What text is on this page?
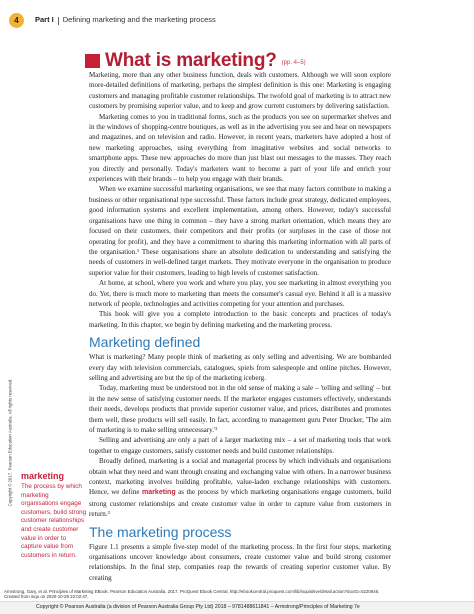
4	Part I Defining marketing and the marketing process
What is marketing? (pp. 4–5)

Marketing, more than any other business function, deals with customers. Although we will soon explore more-detailed definitions of marketing, perhaps the simplest definition is this one: Marketing is engaging customers and managing profitable customer relationships. The twofold goal of marketing is to attract new customers by promising superior value, and to keep and grow current customers by delivering satisfaction.

Marketing comes to you in traditional forms, such as the products you see on supermarket shelves and in the windows of shopping-centre boutiques, as well as in the advertising you see and hear on newspapers and magazines, and on television and radio. However, in recent years, marketers have adopted a host of new marketing approaches, using everything from imaginative websites and social networks to smartphone apps. These new approaches do more than just blast out messages to the masses. They reach you directly and personally. Today's marketers want to become a part of your life and enrich your experiences with their brands – to help you engage with their brands.

When we examine successful marketing organisations, we see that many factors contribute to making a business or other organisational type successful. These factors include great strategy, dedicated employees, good information systems and excellent implementation, among others. However, today's successful organisations have one thing in common – they have a strong market orientation, which means they are focused on their customers, their competitors and their profits (or surpluses in the case of those not operating for profit), and they have a commitment to sharing this marketing information with all parts of the organisation.¹ These organisations share an absolute dedication to understanding and satisfying the needs of customers in well-defined target markets. They motivate everyone in the organisation to produce superior value for their customers, leading to high levels of customer satisfaction.

At home, at school, where you work and where you play, you see marketing in almost everything you do. Yet, there is much more to marketing than meets the consumer's casual eye. Behind it all is a massive network of people, technologies and activities competing for your attention and purchases.

This book will give you a complete introduction to the basic concepts and practices of today's marketing. In this chapter, we begin by defining marketing and the marketing process.

Marketing defined

What is marketing? Many people think of marketing as only selling and advertising. We are bombarded every day with television commercials, catalogues, spiels from salespeople and online pitches. However, selling and advertising are but the tip of the marketing iceberg.

Today, marketing must be understood not in the old sense of making a sale – 'telling and selling' – but in the new sense of satisfying customer needs. If the marketer engages customers effectively, understands their needs, develops products that provide superior customer value, and prices, distributes and promotes them well, these products will sell easily. In fact, according to management guru Peter Drucker, 'The aim of marketing is to make selling unnecessary.'²

Selling and advertising are only a part of a larger marketing mix – a set of marketing tools that work together to engage customers, satisfy customer needs and build customer relationships.

Broadly defined, marketing is a social and managerial process by which individuals and organisations obtain what they need and want through creating and exchanging value with others. In a narrower business context, marketing involves building profitable, value-laden exchange relationships with customers. Hence, we define marketing as the process by which marketing organisations engage customers, build strong customer relationships and create customer value in order to capture value from customers in return.³

The marketing process

Figure 1.1 presents a simple five-step model of the marketing process. In the first four steps, marketing organisations uncover knowledge about consumers, create customer value and build strong customer relationships. In the final step, companies reap the rewards of creating superior customer value. By creating

marketing
The process by which marketing organisations engage customers, build strong customer relationships and create customer value in order to capture value from customers in return.
Copyright © 2017. Pearson Education Australia. All rights reserved.
Armstrong, Gary, et al. Principles of Marketing EBook. Pearson Education Australia, 2017. ProQuest Ebook Central, http://ebookcentral.proquest.com/lib/inquisitive/detail.action?docID=5220646.
Created from inqu on 2020-10-29 22:02:47.
Copyright © Pearson Australia (a division of Pearson Australia Group Pty Ltd) 2018 – 9781488611841 – Armstrong/Principles of Marketing 7e
